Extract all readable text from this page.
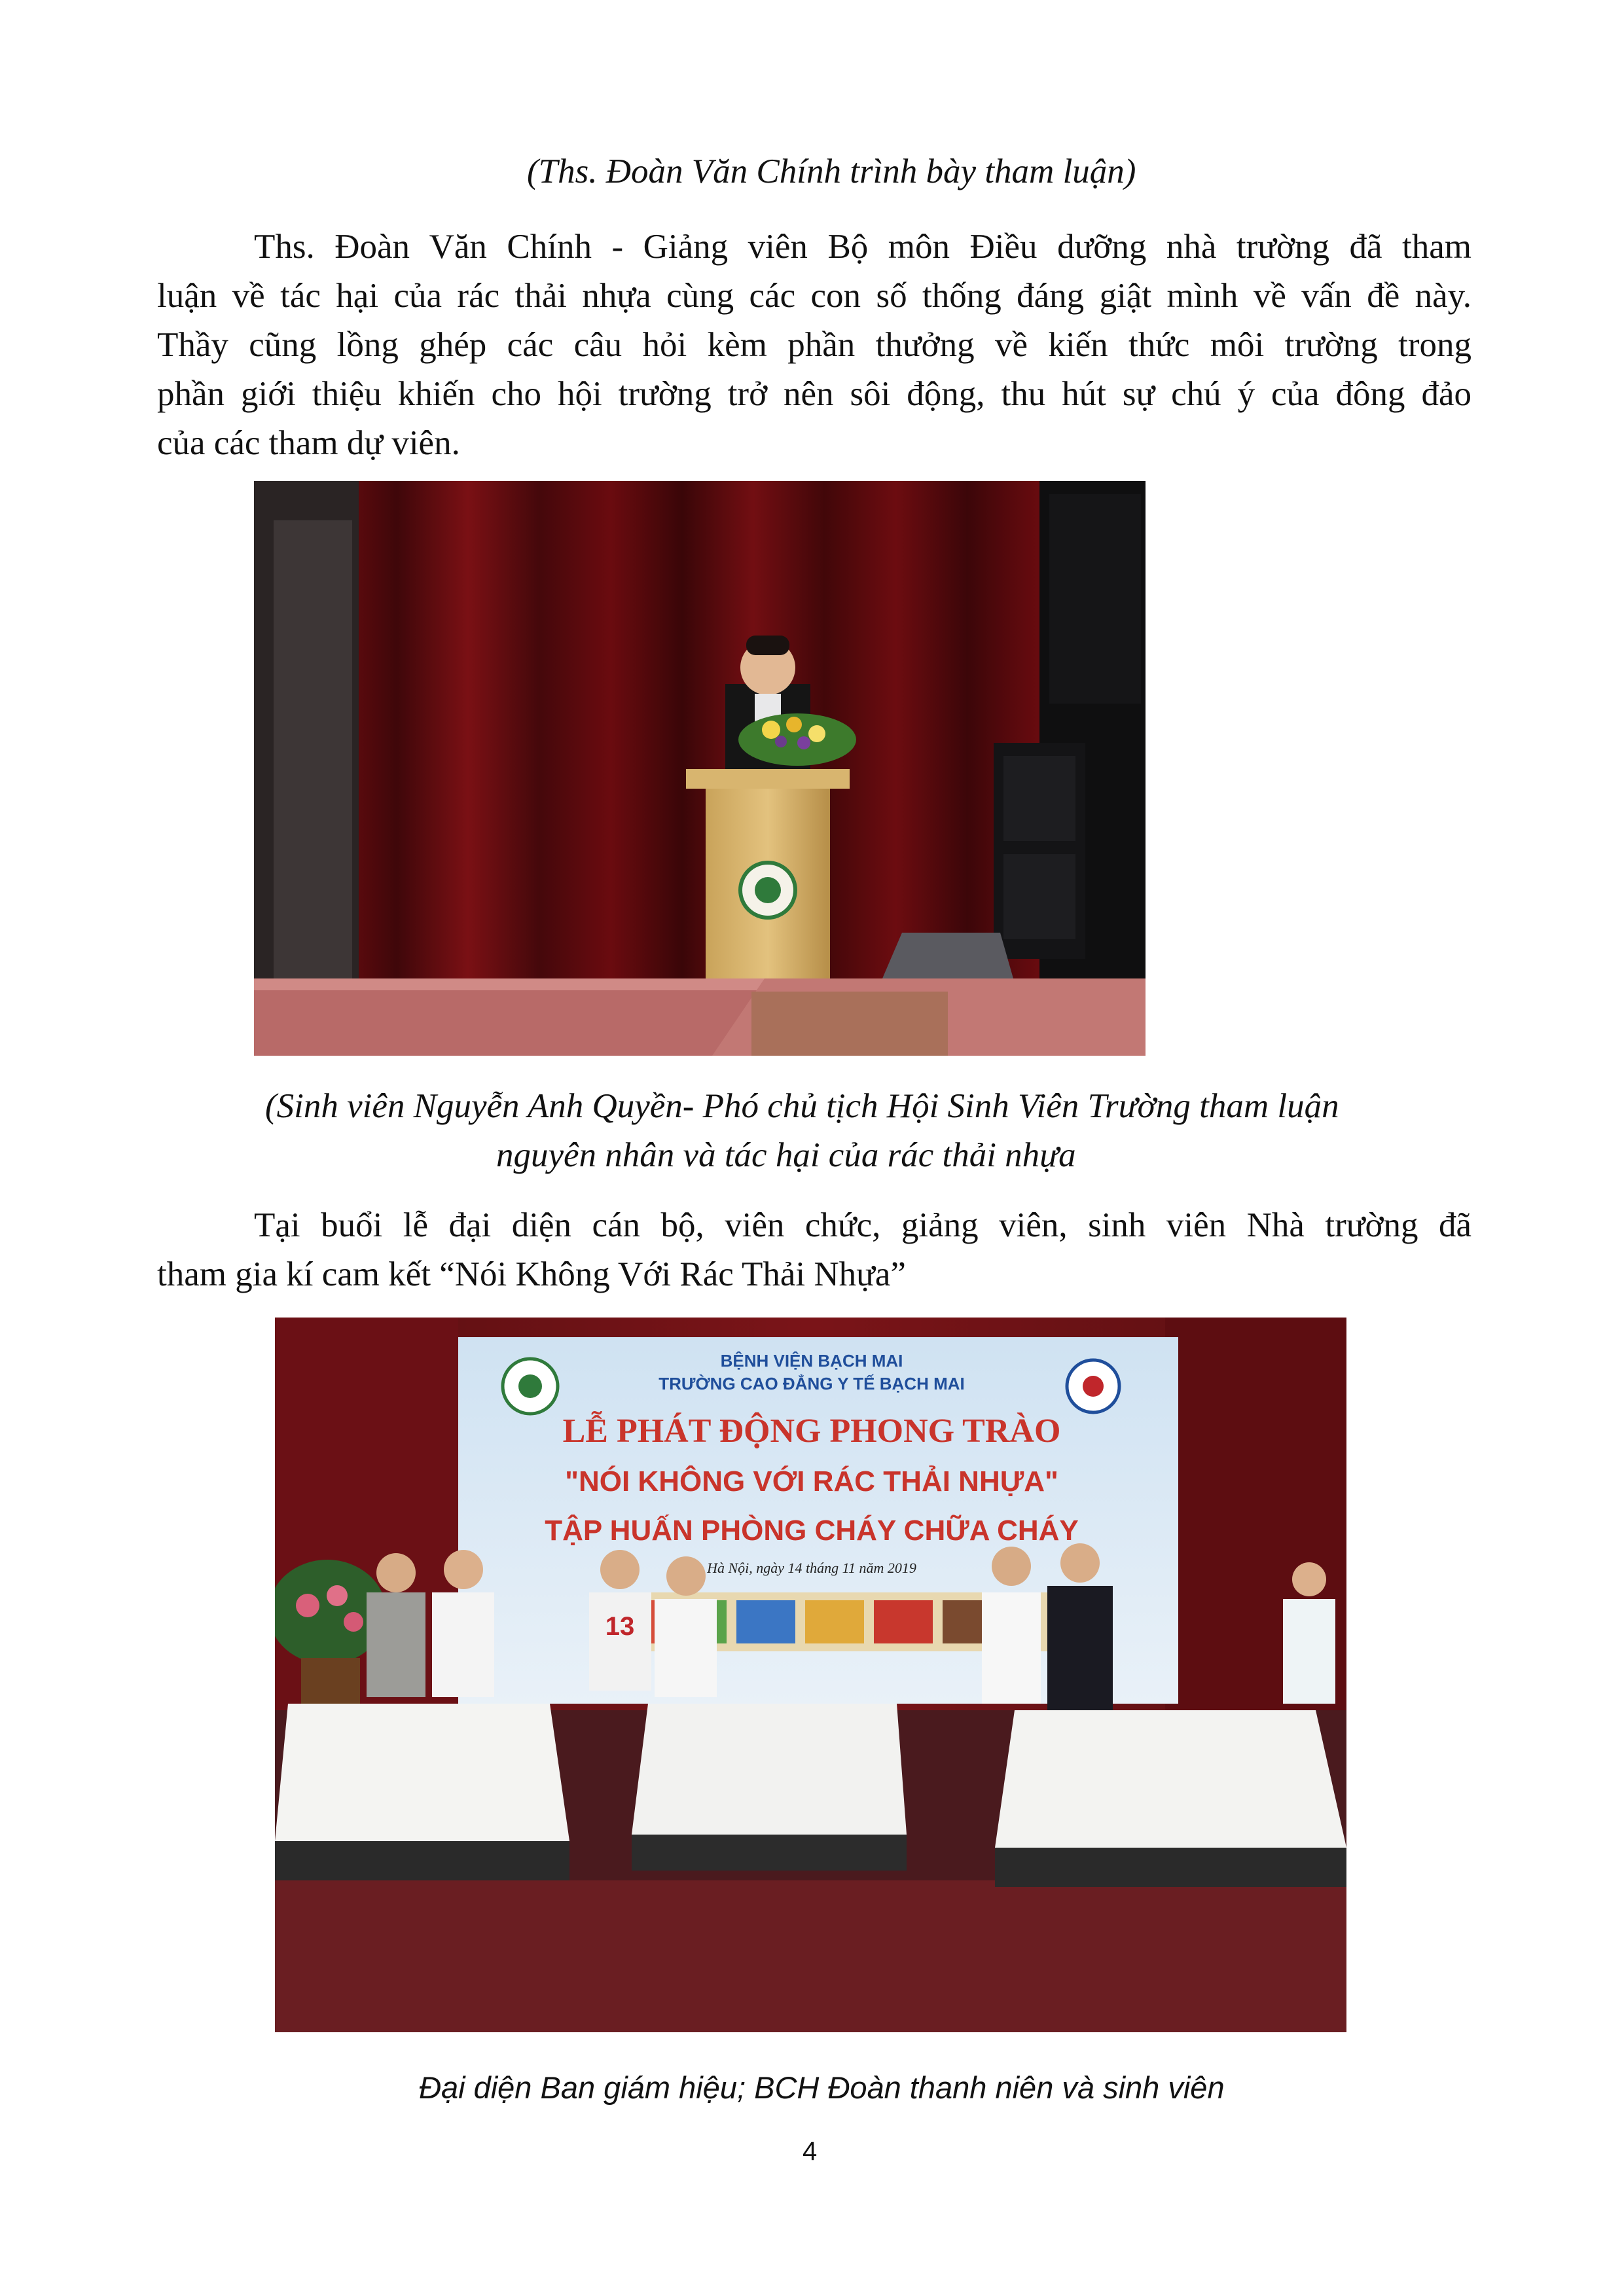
(Ths. Đoàn Văn Chính trình bày tham luận)
Ths. Đoàn Văn Chính - Giảng viên Bộ môn Điều dưỡng nhà trường đã tham
luận về tác hại của rác thải nhựa cùng các con số thống đáng giật mình về vấn đề này.
Thầy cũng lồng ghép các câu hỏi kèm phần thưởng về kiến thức môi trường trong
phần giới thiệu khiến cho hội trường trở nên sôi động, thu hút sự chú ý của đông đảo
của các tham dự viên.
(Sinh viên Nguyễn Anh Quyền- Phó chủ tịch Hội Sinh Viên Trường tham luận
nguyên nhân và tác hại của rác thải nhựa
Tại buổi lễ đại diện cán bộ, viên chức, giảng viên, sinh viên Nhà trường đã
tham gia kí cam kết “Nói Không Với Rác Thải Nhựa”
BỆNH VIỆN BẠCH MAI
TRƯỜNG CAO ĐẲNG Y TẾ BẠCH MAI
LỄ PHÁT ĐỘNG PHONG TRÀO
"NÓI KHÔNG VỚI RÁC THẢI NHỰA"
TẬP HUẤN PHÒNG CHÁY CHỮA CHÁY
Hà Nội, ngày 14 tháng 11 năm 2019
13
Đại diện Ban giám hiệu; BCH Đoàn thanh niên và sinh viên
4
